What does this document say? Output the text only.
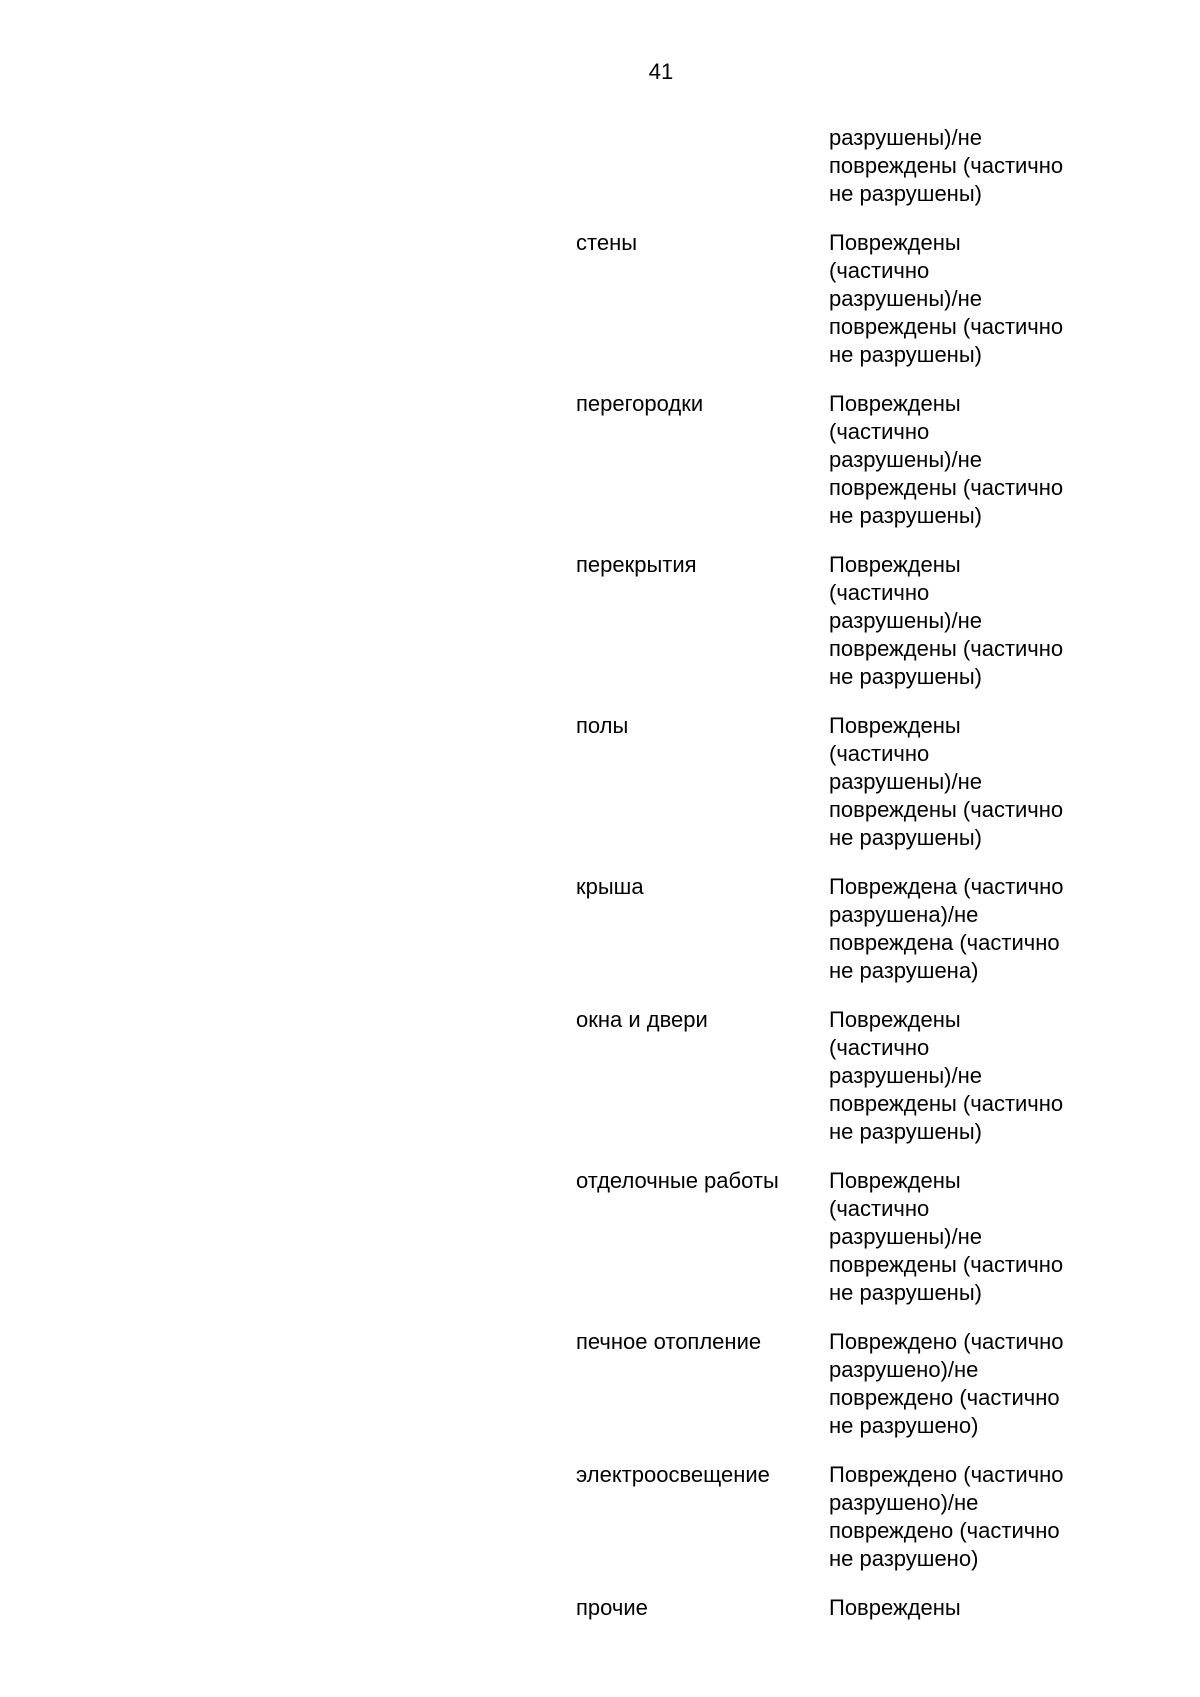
41
разрушены)/не
повреждены (частично
не разрушены)
стены	Повреждены
(частично
разрушены)/не
повреждены (частично
не разрушены)
перегородки	Повреждены
(частично
разрушены)/не
повреждены (частично
не разрушены)
перекрытия	Повреждены
(частично
разрушены)/не
повреждены (частично
не разрушены)
полы	Повреждены
(частично
разрушены)/не
повреждены (частично
не разрушены)
крыша	Повреждена (частично
разрушена)/не
повреждена (частично
не разрушена)
окна и двери	Повреждены
(частично
разрушены)/не
повреждены (частично
не разрушены)
отделочные работы	Повреждены
(частично
разрушены)/не
повреждены (частично
не разрушены)
печное отопление	Повреждено (частично
разрушено)/не
повреждено (частично
не разрушено)
электроосвещение	Повреждено (частично
разрушено)/не
повреждено (частично
не разрушено)
прочие	Повреждены
